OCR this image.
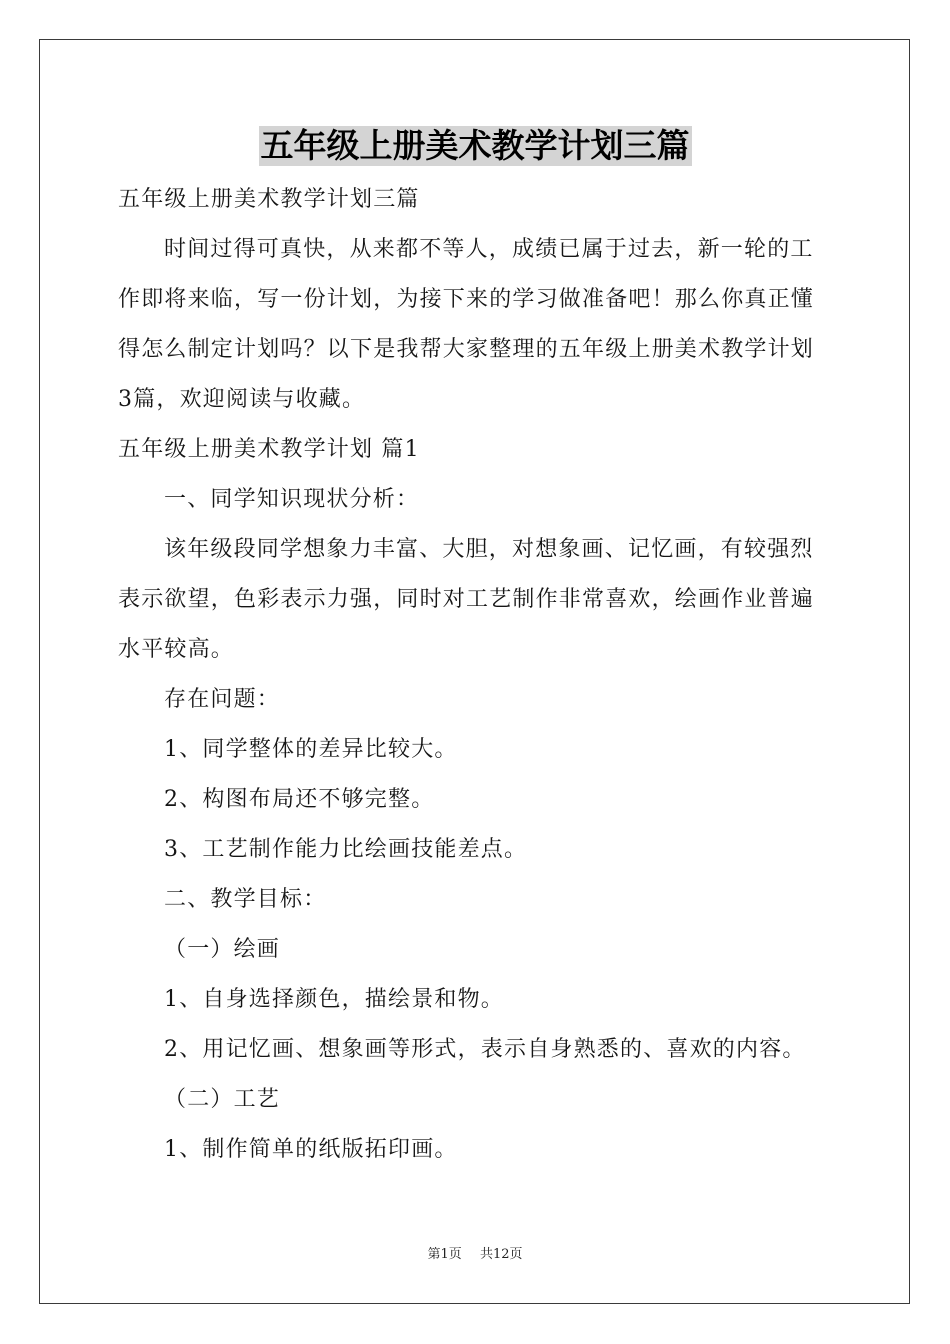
五年级上册美术教学计划三篇
五年级上册美术教学计划三篇
时间过得可真快，从来都不等人，成绩已属于过去，新一轮的工
作即将来临，写一份计划，为接下来的学习做准备吧！那么你真正懂
得怎么制定计划吗？以下是我帮大家整理的五年级上册美术教学计划
3篇，欢迎阅读与收藏。
五年级上册美术教学计划 篇1
一、同学知识现状分析：
该年级段同学想象力丰富、大胆，对想象画、记忆画，有较强烈
表示欲望，色彩表示力强，同时对工艺制作非常喜欢，绘画作业普遍
水平较高。
存在问题：
1、同学整体的差异比较大。
2、构图布局还不够完整。
3、工艺制作能力比绘画技能差点。
二、教学目标：
（一）绘画
1、自身选择颜色，描绘景和物。
2、用记忆画、想象画等形式，表示自身熟悉的、喜欢的内容。
（二）工艺
1、制作简单的纸版拓印画。
第1页 共12页
